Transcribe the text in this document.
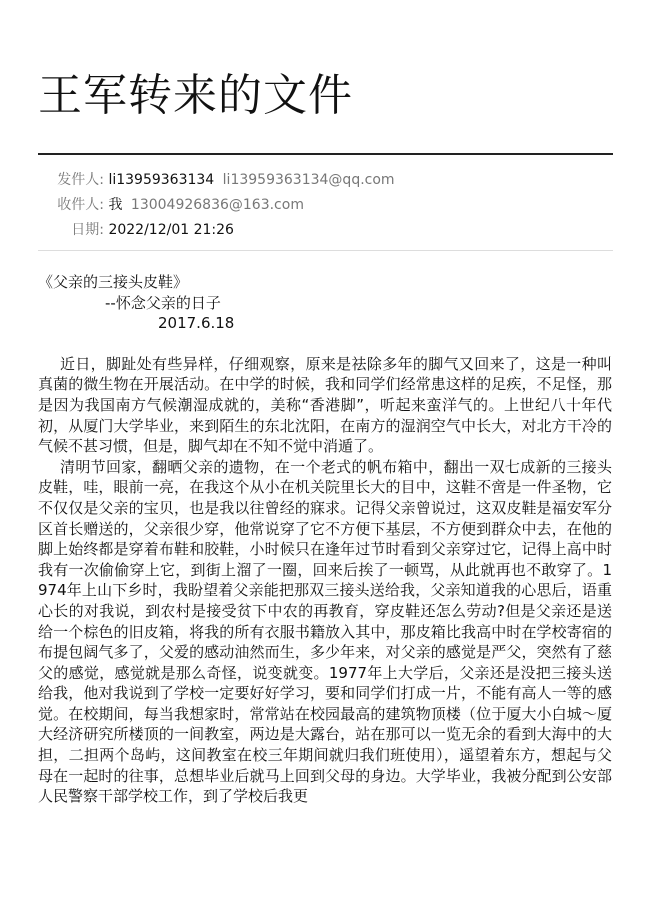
王军转来的文件
发件人: li13959363134 li13959363134@qq.com
收件人: 我 13004926836@163.com
日期: 2022/12/01 21:26
《父亲的三接头皮鞋》
--怀念父亲的日子
2017.6.18

近日，脚趾处有些异样，仔细观察，原来是祛除多年的脚气又回来了，这是一种叫真菌的微生物在开展活动。在中学的时候，我和同学们经常患这样的足疾，不足怪，那是因为我国南方气候潮湿成就的，美称“香港脚”，听起来蛮洋气的。上世纪八十年代初，从厦门大学毕业，来到陌生的东北沈阳，在南方的湿润空气中长大，对北方干冷的气候不甚习惯，但是，脚气却在不知不觉中消遁了。

清明节回家，翻晒父亲的遗物，在一个老式的帆布箱中，翻出一双七成新的三接头皮鞋，哇，眼前一亮，在我这个从小在机关院里长大的目中，这鞋不啻是一件圣物，它不仅仅是父亲的宝贝，也是我以往曾经的寐求。记得父亲曾说过，这双皮鞋是福安军分区首长赠送的，父亲很少穿，他常说穿了它不方便下基层，不方便到群众中去，在他的脚上始终都是穿着布鞋和胶鞋，小时候只在逢年过节时看到父亲穿过它，记得上高中时我有一次偷偷穿上它，到街上溜了一圈，回来后挨了一顿骂，从此就再也不敢穿了。1974年上山下乡时，我盼望着父亲能把那双三接头送给我，父亲知道我的心思后，语重心长的对我说，到农村是接受贫下中农的再教育，穿皮鞋还怎么劳动?但是父亲还是送给一个棕色的旧皮箱，将我的所有衣服书籍放入其中，那皮箱比我高中时在学校寄宿的布提包阔气多了，父爱的感动油然而生，多少年来，对父亲的感觉是严父，突然有了慈父的感觉，感觉就是那么奇怪，说变就变。1977年上大学后，父亲还是没把三接头送给我，他对我说到了学校一定要好好学习，要和同学们打成一片，不能有高人一等的感觉。在校期间，每当我想家时，常常站在校园最高的建筑物顶楼（位于厦大小白城～厦大经济研究所楼顶的一间教室，两边是大露台，站在那可以一览无余的看到大海中的大担，二担两个岛屿，这间教室在校三年期间就归我们班使用），遥望着东方，想起与父母在一起时的往事，总想毕业后就马上回到父母的身边。大学毕业，我被分配到公安部人民警察干部学校工作，到了学校后我更
